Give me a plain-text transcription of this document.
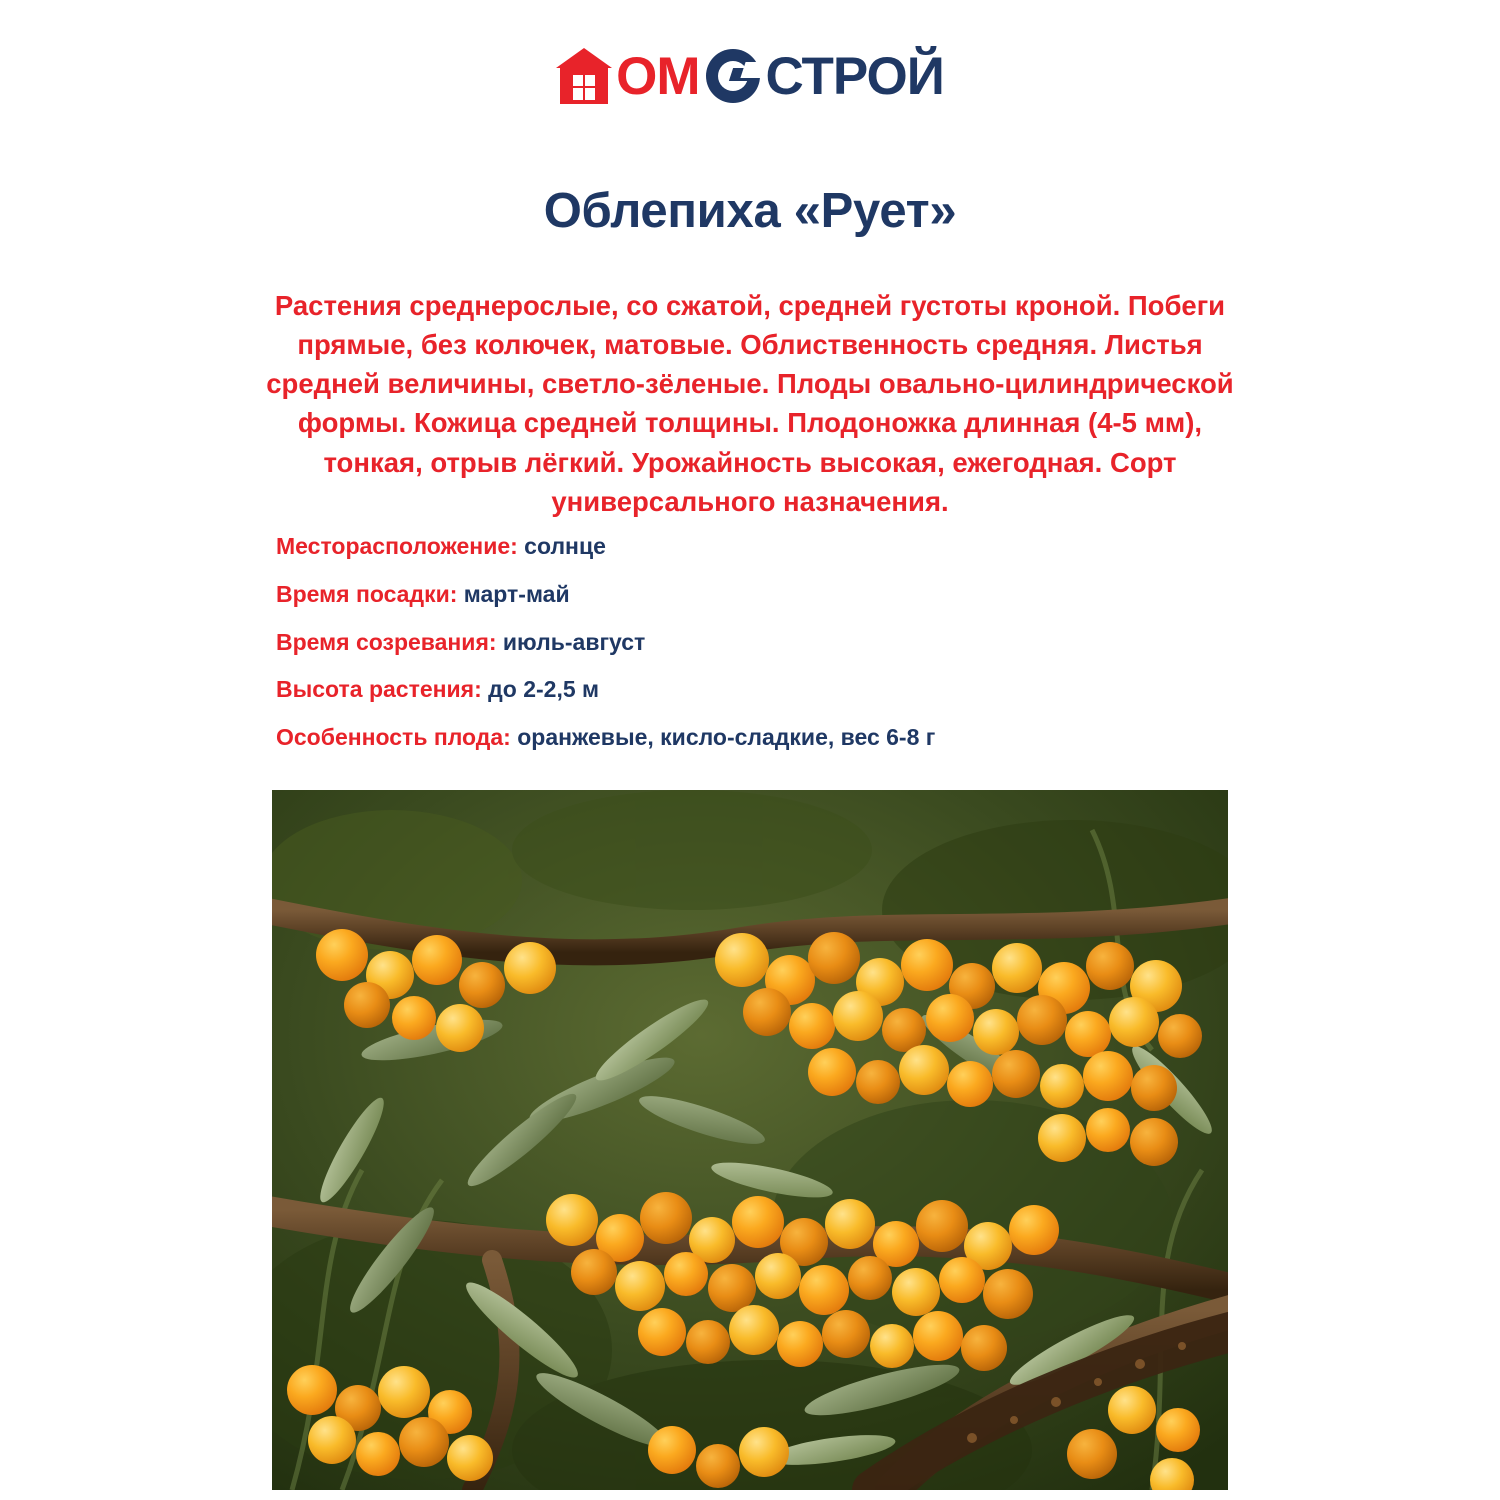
ОМ СТРОЙ
Облепиха «Рует»

Растения среднерослые, со сжатой, средней густоты кроной. Побеги прямые, без колючек, матовые. Облиственность средняя. Листья средней величины, светло-зёленые. Плоды овально-цилиндрической формы. Кожица средней толщины. Плодоножка длинная (4-5 мм), тонкая, отрыв лёгкий. Урожайность высокая, ежегодная. Сорт универсального назначения.

Месторасположение: солнце
Время посадки: март-май
Время созревания: июль-август
Высота растения: до 2-2,5 м
Особенность плода: оранжевые, кисло-сладкие, вес 6-8 г
